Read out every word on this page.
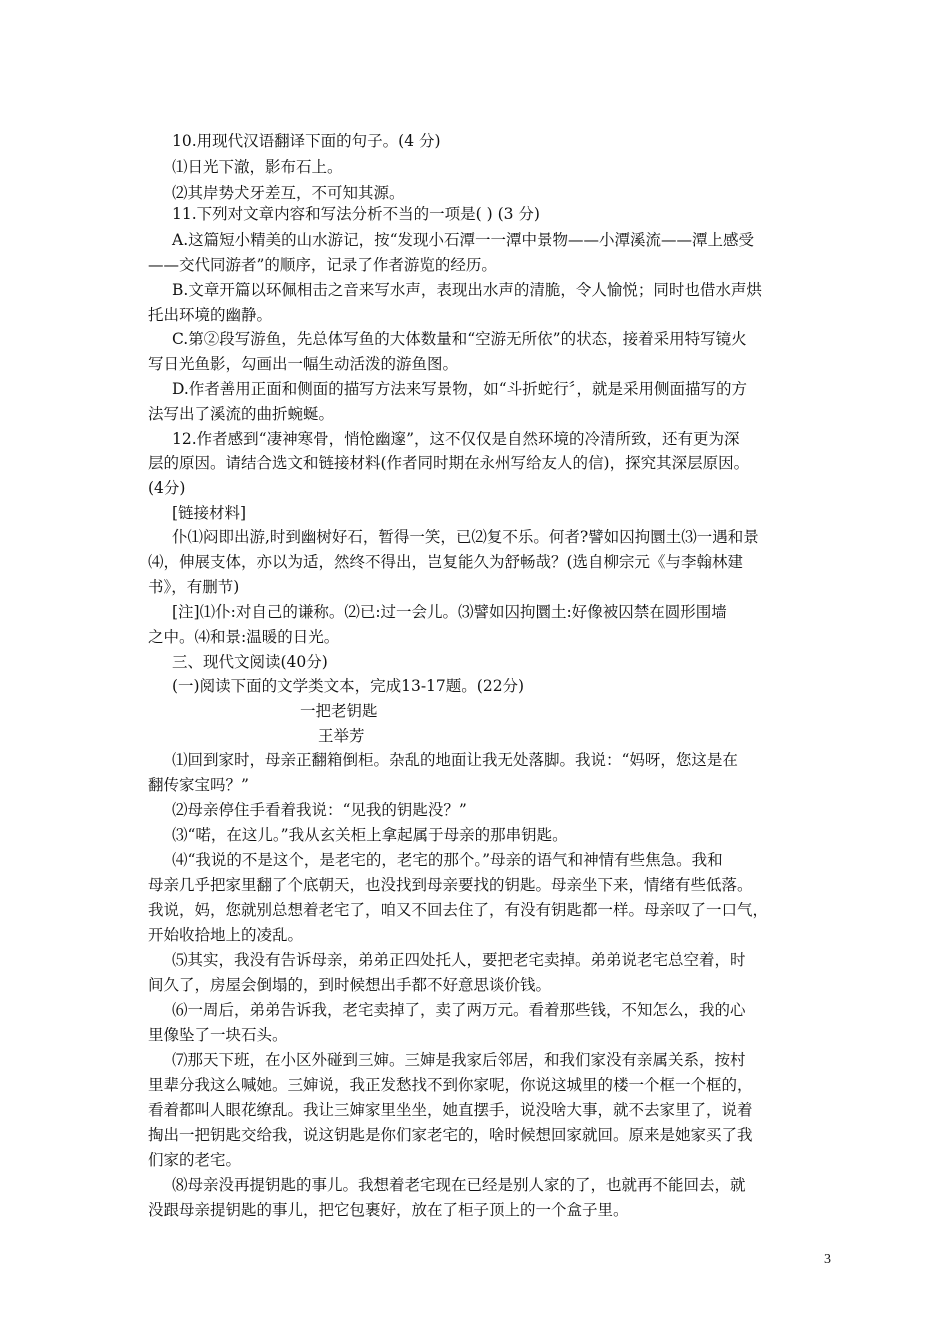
10.用现代汉语翻译下面的句子。(4 分)
⑴日光下澈，影布石上。
⑵其岸势犬牙差互，不可知其源。
11.下列对文章内容和写法分析不当的一项是( ) (3 分)
A.这篇短小精美的山水游记，按“发现小石潭一一潭中景物——小潭溪流——潭上感受
——交代同游者”的顺序，记录了作者游览的经历。
B.文章开篇以环佩相击之音来写水声，表现出水声的清脆，令人愉悦；同时也借水声烘
托出环境的幽静。
C.第②段写游鱼，先总体写鱼的大体数量和“空游无所依”的状态，接着采用特写镜火
写日光鱼影，勾画出一幅生动活泼的游鱼图。
D.作者善用正面和侧面的描写方法来写景物，如“斗折蛇行〞，就是采用侧面描写的方
法写出了溪流的曲折蜿蜒。
12.作者感到“凄神寒骨，悄怆幽邃”，这不仅仅是自然环境的冷清所致，还有更为深
层的原因。请结合选文和链接材料(作者同时期在永州写给友人的信)，探究其深层原因。
(4分)
[链接材料]
仆⑴闷即出游,时到幽树好石，暂得一笑，已⑵复不乐。何者?譬如囚拘圜土⑶一遇和景
⑷，伸展支体，亦以为适，然终不得出，岂复能久为舒畅哉？(选自柳宗元《与李翰林建
书》，有删节)
[注]⑴仆:对自己的谦称。⑵已:过一会儿。⑶譬如囚拘圜土:好像被囚禁在圆形围墙
之中。⑷和景:温暖的日光。
三、现代文阅读(40分)
(一)阅读下面的文学类文本，完成13-17题。(22分)
一把老钥匙
王举芳
⑴回到家时，母亲正翻箱倒柜。杂乱的地面让我无处落脚。我说：“妈呀，您这是在
翻传家宝吗？”
⑵母亲停住手看着我说：“见我的钥匙没？”
⑶“喏，在这儿。”我从玄关柜上拿起属于母亲的那串钥匙。
⑷“我说的不是这个，是老宅的，老宅的那个。”母亲的语气和神情有些焦急。我和
母亲几乎把家里翻了个底朝天，也没找到母亲要找的钥匙。母亲坐下来，情绪有些低落。
我说，妈，您就别总想着老宅了，咱又不回去住了，有没有钥匙都一样。母亲叹了一口气，
开始收拾地上的凌乱。
⑸其实，我没有告诉母亲，弟弟正四处托人，要把老宅卖掉。弟弟说老宅总空着，时
间久了，房屋会倒塌的，到时候想出手都不好意思谈价钱。
⑹一周后，弟弟告诉我，老宅卖掉了，卖了两万元。看着那些钱，不知怎么，我的心
里像坠了一块石头。
⑺那天下班，在小区外碰到三婶。三婶是我家后邻居，和我们家没有亲属关系，按村
里辈分我这么喊她。三婶说，我正发愁找不到你家呢，你说这城里的楼一个框一个框的，
看着都叫人眼花缭乱。我让三婶家里坐坐，她直摆手，说没啥大事，就不去家里了，说着
掏出一把钥匙交给我，说这钥匙是你们家老宅的，啥时候想回家就回。原来是她家买了我
们家的老宅。
⑻母亲没再提钥匙的事儿。我想着老宅现在已经是别人家的了，也就再不能回去，就
没跟母亲提钥匙的事儿，把它包裹好，放在了柜子顶上的一个盒子里。
3
